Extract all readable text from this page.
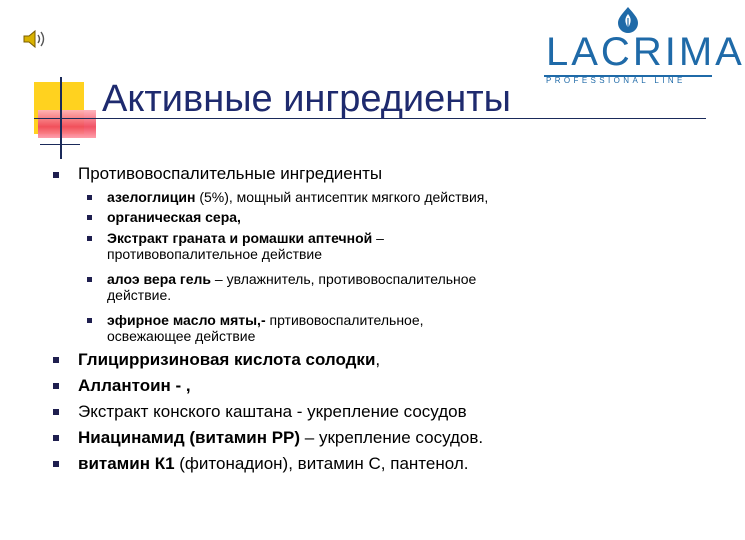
LACRIMA
PROFESSIONAL LINE
Активные ингредиенты
Противовоспалительные ингредиенты
азелоглицин (5%), мощный антисептик мягкого действия,
органическая сера,
Экстракт граната и ромашки аптечной –
противовопалительное действие
алоэ вера гель – увлажнитель, противовоспалительное
действие.
эфирное масло мяты,- пртивовоспалительное,
освежающее действие
Глицирризиновая кислота солодки,
Аллантоин - ,
Экстракт конского каштана - укрепление сосудов
Ниацинамид (витамин РР) – укрепление сосудов.
витамин К1 (фитонадион), витамин С, пантенол.
